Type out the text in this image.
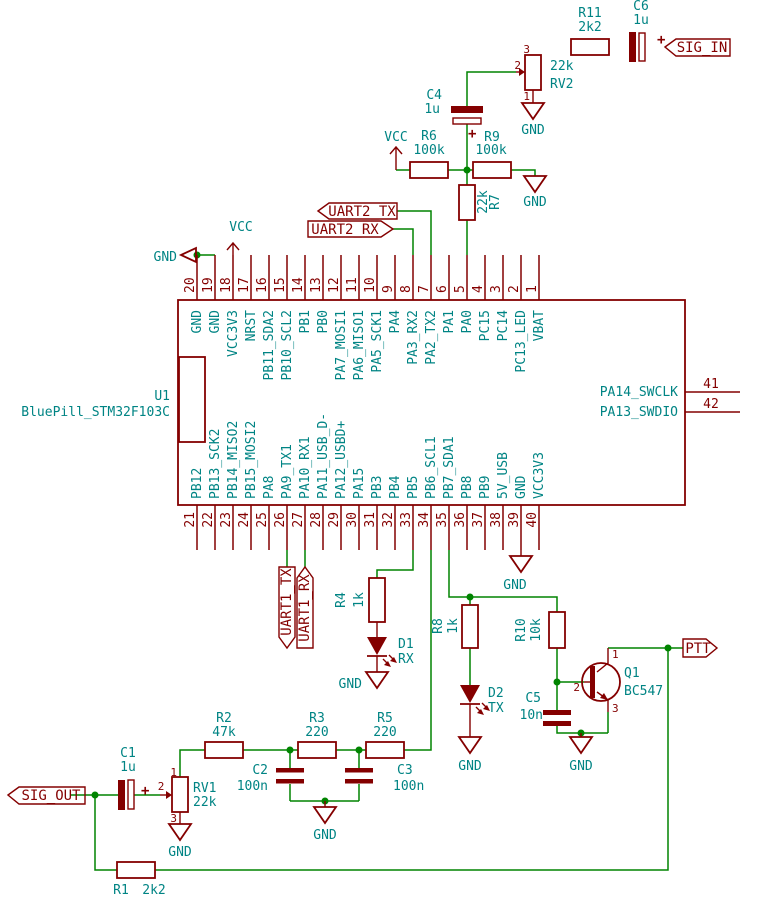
U1
BluePill_STM32F103C
20 19 18 17 16 15 14 13 12 11 10 9 8 7 6 5 4 3 2 1
GND GND VCC3V3 NRST PB11_SDA2 PB10_SCL2 PB1 PB0 PA7_MOSI1 PA6_MISO1 PA5_SCK1 PA4 PA3_RX2 PA2_TX2 PA1 PA0 PC15 PC14 PC13_LED VBAT
21 22 23 24 25 26 27 28 29 30 31 32 33 34 35 36 37 38 39 40
PB12 PB13_SCK2 PB14_MISO2 PB15_MOSI2 PA8 PA9_TX1 PA10_RX1 PA11_USB_D- PA12_USBD+ PA15 PB3 PB4 PB5 PB6_SCL1 PB7_SDA1 PB8 PB9 5V_USB GND VCC3V3
41
42
PA14_SWCLK
PA13_SWDIO
GND
VCC
VCC	GND
GND
GND
GND	GND
GND
GND
R11
2k2
R6
100k
R9
100k
R2
47k
R3
220
R5
220
R1 2k2
22k
R7
R4 1k
R8 1k	R10 10k
+
C6
1u
+
C4
1u
+
C1
1u	C2
100n
C3
100n
C5
10n
3
2
1
22k
RV2
1
2
3
RV1
22k
GND
D1
RX
D2
TX
1
2
3
Q1
BC547
UART2_TX
UART2_RX
UART1_TX UART1_RX
SIG_IN
SIG_OUT
PTT
